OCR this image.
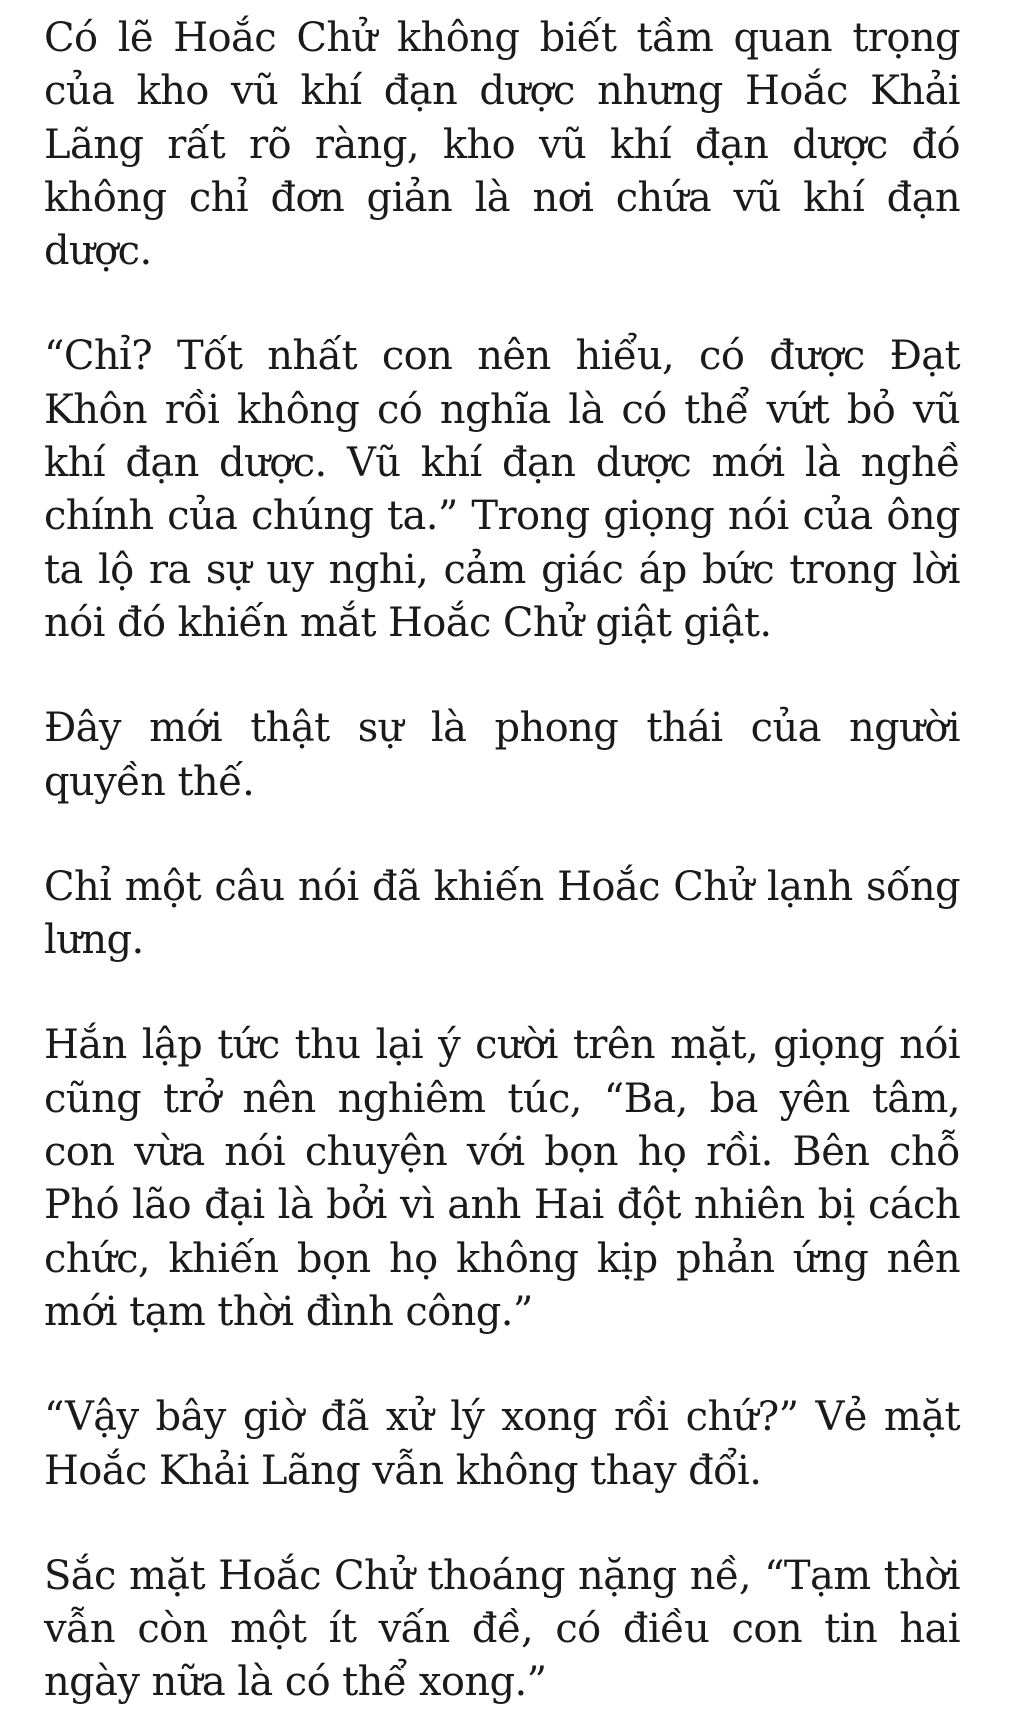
Có lẽ Hoắc Chử không biết tầm quan trọng của kho vũ khí đạn dược nhưng Hoắc Khải Lãng rất rõ ràng, kho vũ khí đạn dược đó không chỉ đơn giản là nơi chứa vũ khí đạn dược.

“Chỉ? Tốt nhất con nên hiểu, có được Đạt Khôn rồi không có nghĩa là có thể vứt bỏ vũ khí đạn dược. Vũ khí đạn dược mới là nghề chính của chúng ta.” Trong giọng nói của ông ta lộ ra sự uy nghi, cảm giác áp bức trong lời nói đó khiến mắt Hoắc Chử giật giật.

Đây mới thật sự là phong thái của người quyền thế.

Chỉ một câu nói đã khiến Hoắc Chử lạnh sống lưng.

Hắn lập tức thu lại ý cười trên mặt, giọng nói cũng trở nên nghiêm túc, “Ba, ba yên tâm, con vừa nói chuyện với bọn họ rồi. Bên chỗ Phó lão đại là bởi vì anh Hai đột nhiên bị cách chức, khiến bọn họ không kịp phản ứng nên mới tạm thời đình công.”

“Vậy bây giờ đã xử lý xong rồi chứ?” Vẻ mặt Hoắc Khải Lãng vẫn không thay đổi.

Sắc mặt Hoắc Chử thoáng nặng nề, “Tạm thời vẫn còn một ít vấn đề, có điều con tin hai ngày nữa là có thể xong.”
